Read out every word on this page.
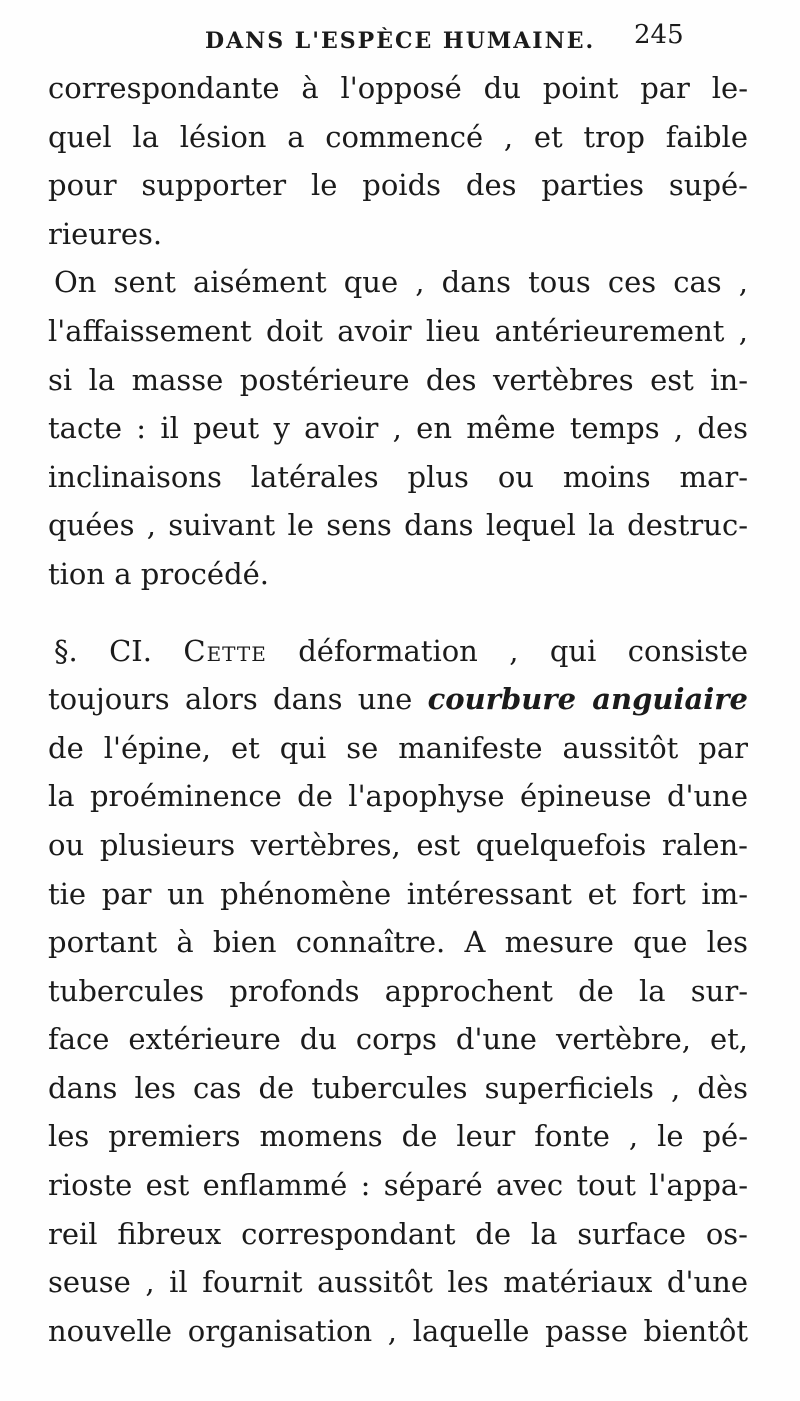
DANS L'ESPÈCE HUMAINE. 245
correspondante à l'opposé du point par le-
quel la lésion a commencé , et trop faible
pour supporter le poids des parties supé-
rieures.
On sent aisément que , dans tous ces cas ,
l'affaissement doit avoir lieu antérieurement ,
si la masse postérieure des vertèbres est in-
tacte : il peut y avoir , en même temps , des
inclinaisons latérales plus ou moins mar-
quées , suivant le sens dans lequel la destruc-
tion a procédé.
§. CI. Cette déformation , qui consiste
toujours alors dans une courbure anguiaire
de l'épine, et qui se manifeste aussitôt par
la proéminence de l'apophyse épineuse d'une
ou plusieurs vertèbres, est quelquefois ralen-
tie par un phénomène intéressant et fort im-
portant à bien connaître. A mesure que les
tubercules profonds approchent de la sur-
face extérieure du corps d'une vertèbre, et,
dans les cas de tubercules superficiels , dès
les premiers momens de leur fonte , le pé-
rioste est enflammé : séparé avec tout l'appa-
reil fibreux correspondant de la surface os-
seuse , il fournit aussitôt les matériaux d'une
nouvelle organisation , laquelle passe bientôt
